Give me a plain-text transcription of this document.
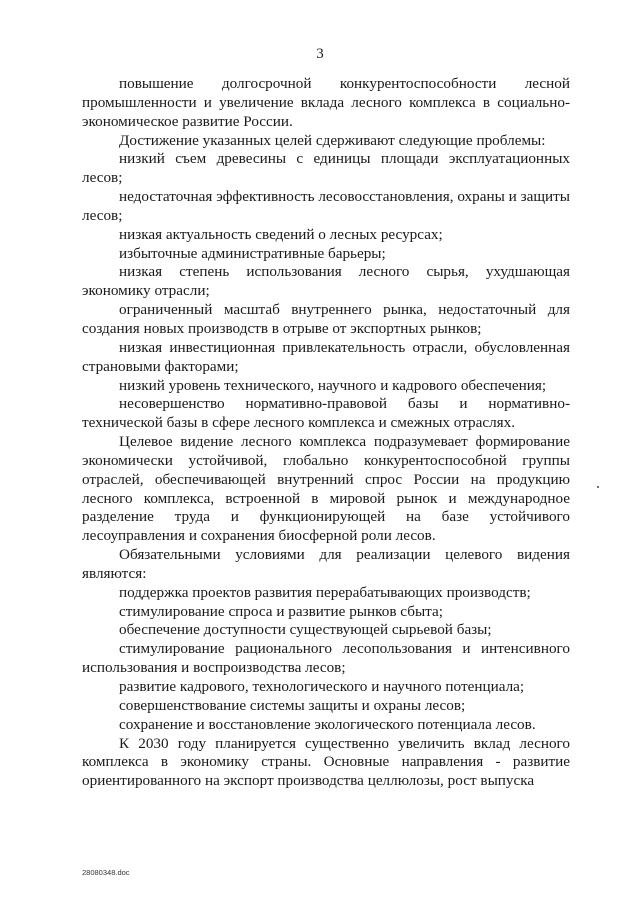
3

повышение долгосрочной конкурентоспособности лесной промышленности и увеличение вклада лесного комплекса в социально-экономическое развитие России.

Достижение указанных целей сдерживают следующие проблемы:

низкий съем древесины с единицы площади эксплуатационных лесов;

недостаточная эффективность лесовосстановления, охраны и защиты лесов;

низкая актуальность сведений о лесных ресурсах;

избыточные административные барьеры;

низкая степень использования лесного сырья, ухудшающая экономику отрасли;

ограниченный масштаб внутреннего рынка, недостаточный для создания новых производств в отрыве от экспортных рынков;

низкая инвестиционная привлекательность отрасли, обусловленная страновыми факторами;

низкий уровень технического, научного и кадрового обеспечения;

несовершенство нормативно-правовой базы и нормативно-технической базы в сфере лесного комплекса и смежных отраслях.

Целевое видение лесного комплекса подразумевает формирование экономически устойчивой, глобально конкурентоспособной группы отраслей, обеспечивающей внутренний спрос России на продукцию лесного комплекса, встроенной в мировой рынок и международное разделение труда и функционирующей на базе устойчивого лесоуправления и сохранения биосферной роли лесов.

Обязательными условиями для реализации целевого видения являются:

поддержка проектов развития перерабатывающих производств;

стимулирование спроса и развитие рынков сбыта;

обеспечение доступности существующей сырьевой базы;

стимулирование рационального лесопользования и интенсивного использования и воспроизводства лесов;

развитие кадрового, технологического и научного потенциала;

совершенствование системы защиты и охраны лесов;

сохранение и восстановление экологического потенциала лесов.

К 2030 году планируется существенно увеличить вклад лесного комплекса в экономику страны. Основные направления - развитие ориентированного на экспорт производства целлюлозы, рост выпуска

28080348.doc
